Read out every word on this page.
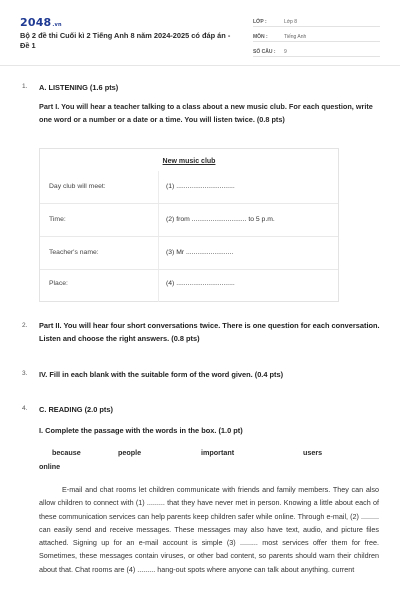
2048.vn
Bộ 2 đề thi Cuối kì 2 Tiếng Anh 8 năm 2024-2025 có đáp án - Đề 1
LỚP :	Lớp 8
MÔN :	Tiếng Anh
SỐ CÂU : 9
1. A. LISTENING (1.6 pts)
Part I. You will hear a teacher talking to a class about a new music club. For each question, write one word or a number or a date or a time. You will listen twice. (0.8 pts)
New music club
Day club will meet:	(1) ...............................
Time:	(2) from ............................. to 5 p.m.
Teacher's name:	(3) Mr .........................
Place:	(4) ...............................
2. Part II. You will hear four short conversations twice. There is one question for each conversation. Listen and choose the right answers. (0.8 pts)
3. IV. Fill in each blank with the suitable form of the word given. (0.4 pts)
4. C. READING (2.0 pts)
I. Complete the passage with the words in the box. (1.0 pt)
because	people	important	users
online
E-mail and chat rooms let children communicate with friends and family members. They can also allow children to connect with (1) ......... that they have never met in person. Knowing a little about each of these communication services can help parents keep children safer while online. Through e-mail, (2) ......... can easily send and receive messages. These messages may also have text, audio, and picture files attached. Signing up for an e-mail account is simple (3) ......... most services offer them for free. Sometimes, these messages contain viruses, or other bad content, so parents should warn their children about that. Chat rooms are (4) ......... hang-out spots where anyone can talk about anything. current
